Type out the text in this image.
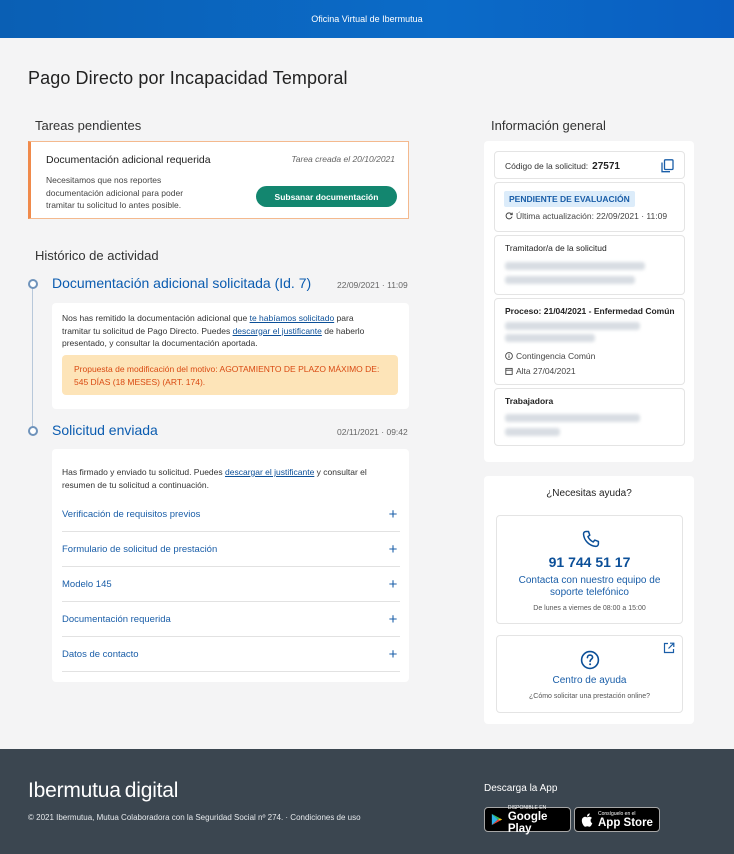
Oficina Virtual de Ibermutua
Pago Directo por Incapacidad Temporal
Tareas pendientes
Documentación adicional requerida	Tarea creada el 20/10/2021
Necesitamos que nos reportes
documentación adicional para poder
tramitar tu solicitud lo antes posible.
Subsanar documentación
Histórico de actividad
Documentación adicional solicitada (Id. 7)	22/09/2021 · 11:09
Nos has remitido la documentación adicional que te habíamos solicitado para
tramitar tu solicitud de Pago Directo. Puedes descargar el justificante de haberlo
presentado, y consultar la documentación aportada.
Propuesta de modificación del motivo: AGOTAMIENTO DE PLAZO MÁXIMO DE:
545 DÍAS (18 MESES) (ART. 174).
Solicitud enviada	02/11/2021 · 09:42
Has firmado y enviado tu solicitud. Puedes descargar el justificante y consultar el
resumen de tu solicitud a continuación.
Verificación de requisitos previos	+
Formulario de solicitud de prestación	+
Modelo 145	+
Documentación requerida	+
Datos de contacto	+
Información general
Código de la solicitud: 27571
PENDIENTE DE EVALUACIÓN
Última actualización: 22/09/2021 · 11:09
Tramitador/a de la solicitud
Proceso: 21/04/2021 - Enfermedad Común
Contingencia Común
Alta 27/04/2021
Trabajadora
¿Necesitas ayuda?
91 744 51 17
Contacta con nuestro equipo de
soporte telefónico
De lunes a viernes de 08:00 a 15:00
Centro de ayuda
¿Cómo solicitar una prestación online?
Ibermutua digital
© 2021 Ibermutua, Mutua Colaboradora con la Seguridad Social nº 274. · Condiciones de uso
Descarga la App
DISPONIBLE EN
Google Play
Consíguelo en el
App Store
